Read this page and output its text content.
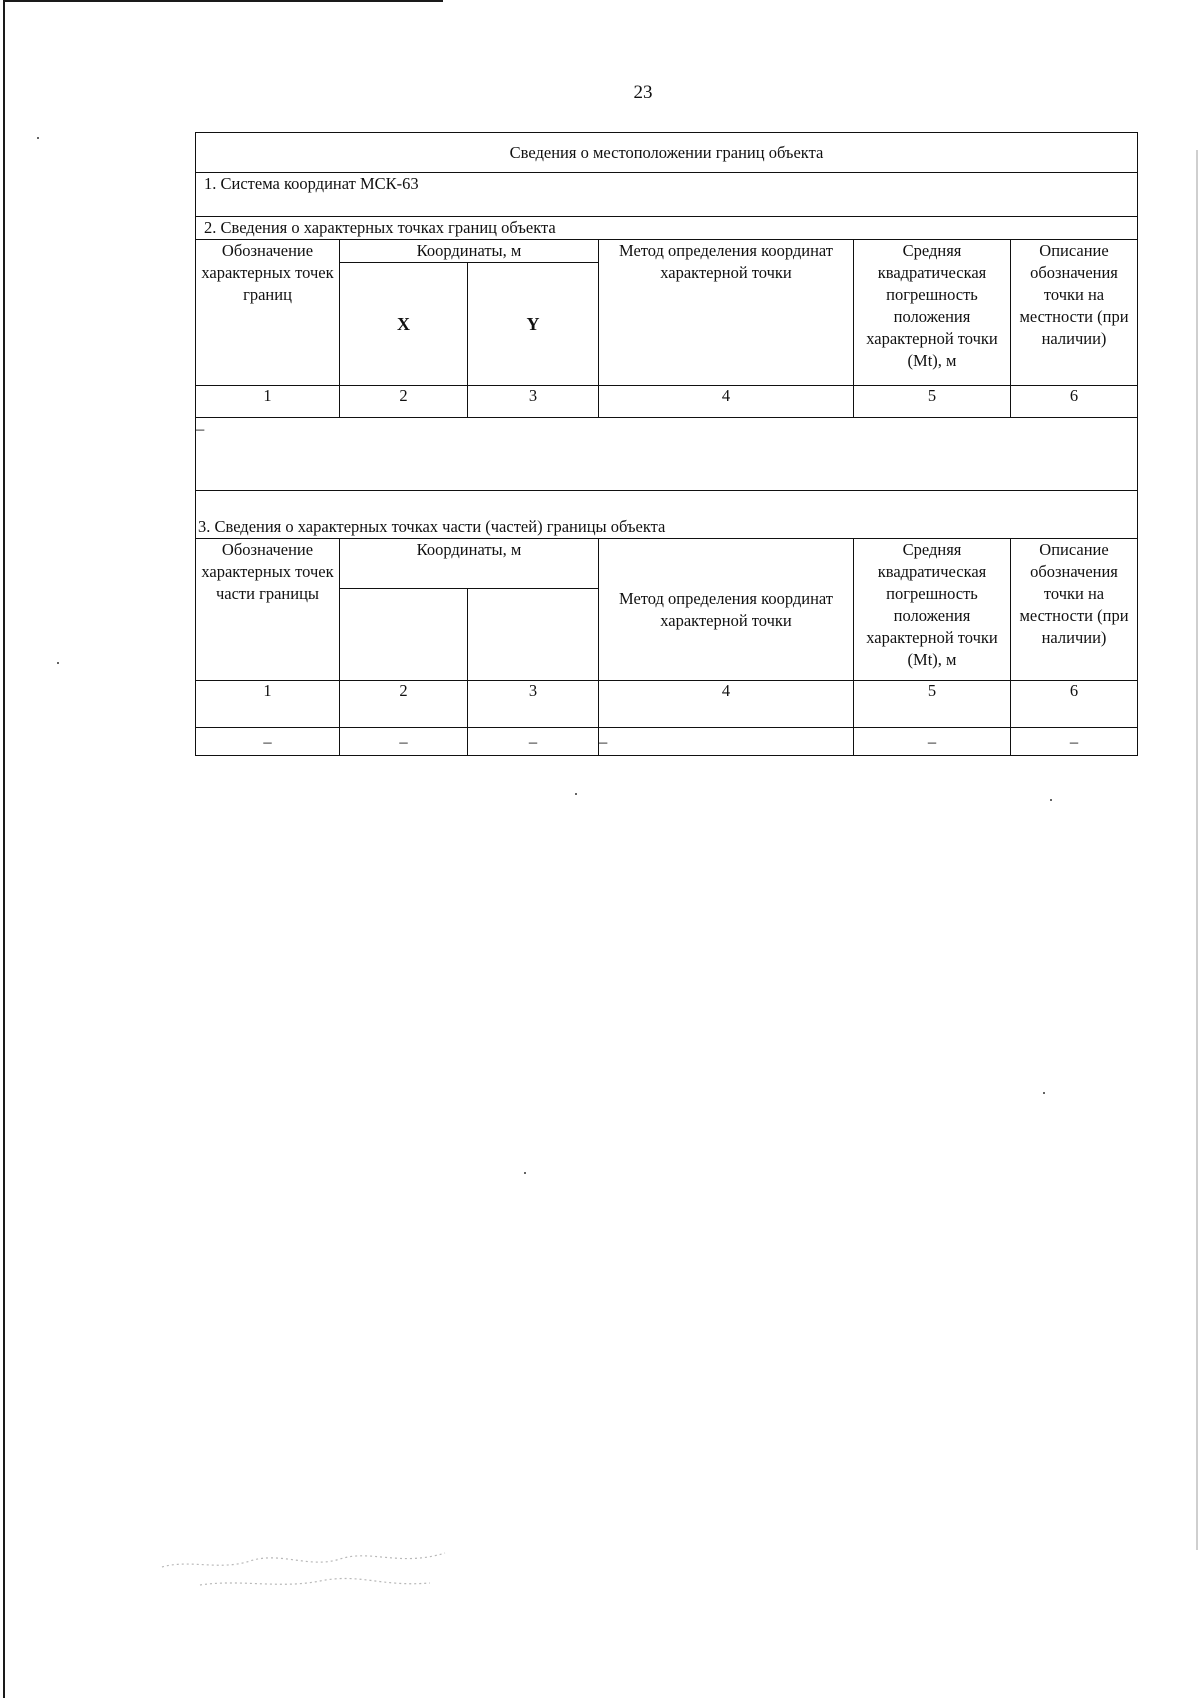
23
Сведения о местоположении границ объекта					
1. Система координат МСК-63					
2. Сведения о характерных точках границ объекта					
Обозначение характерных точек границ	Координаты, м		Метод определения координат характерной точки	Средняя квадратическая погрешность положения характерной точки (Mt), м	Описание обозначения точки на местности (при наличии)
	X	Y			
1	2	3	4	5	6
–					
3. Сведения о характерных точках части (частей) границы объекта					
Обозначение характерных точек части границы	Координаты, м		Метод определения координат характерной точки	Средняя квадратическая погрешность положения характерной точки (Mt), м	Описание обозначения точки на местности (при наличии)

1	2	3	4	5	6
–	–	–	–	–	–
